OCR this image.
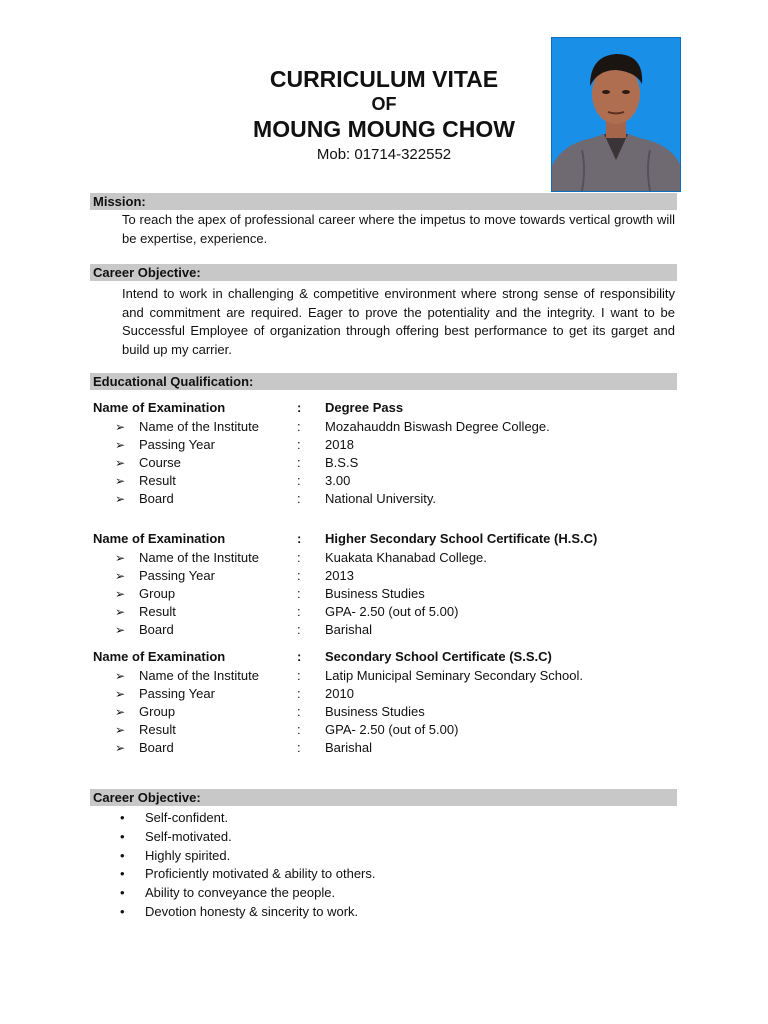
CURRICULUM VITAE
OF
MOUNG MOUNG CHOW
Mob: 01714-322552
Mission:
To reach the apex of professional career where the impetus to move towards vertical growth will be expertise, experience.
Career Objective:
Intend to work in challenging & competitive environment where strong sense of responsibility and commitment are required. Eager to prove the potentiality and the integrity. I want to be Successful Employee of organization through offering best performance to get its garget and build up my carrier.
Educational Qualification:
Name of Examination	: Degree Pass
➢ Name of the Institute	: Mozahauddn Biswash Degree College.
➢ Passing Year	: 2018
➢ Course	: B.S.S
➢ Result	: 3.00
➢ Board	: National University.
Name of Examination	: Higher Secondary School Certificate (H.S.C)
➢ Name of the Institute	: Kuakata Khanabad College.
➢ Passing Year	: 2013
➢ Group	: Business Studies
➢ Result	: GPA- 2.50 (out of 5.00)
➢ Board	: Barishal
Name of Examination	: Secondary School Certificate (S.S.C)
➢ Name of the Institute	: Latip Municipal Seminary Secondary School.
➢ Passing Year	: 2010
➢ Group	: Business Studies
➢ Result	: GPA- 2.50 (out of 5.00)
➢ Board	: Barishal
Career Objective:
• Self-confident.
• Self-motivated.
• Highly spirited.
• Proficiently motivated & ability to others.
• Ability to conveyance the people.
• Devotion honesty & sincerity to work.
